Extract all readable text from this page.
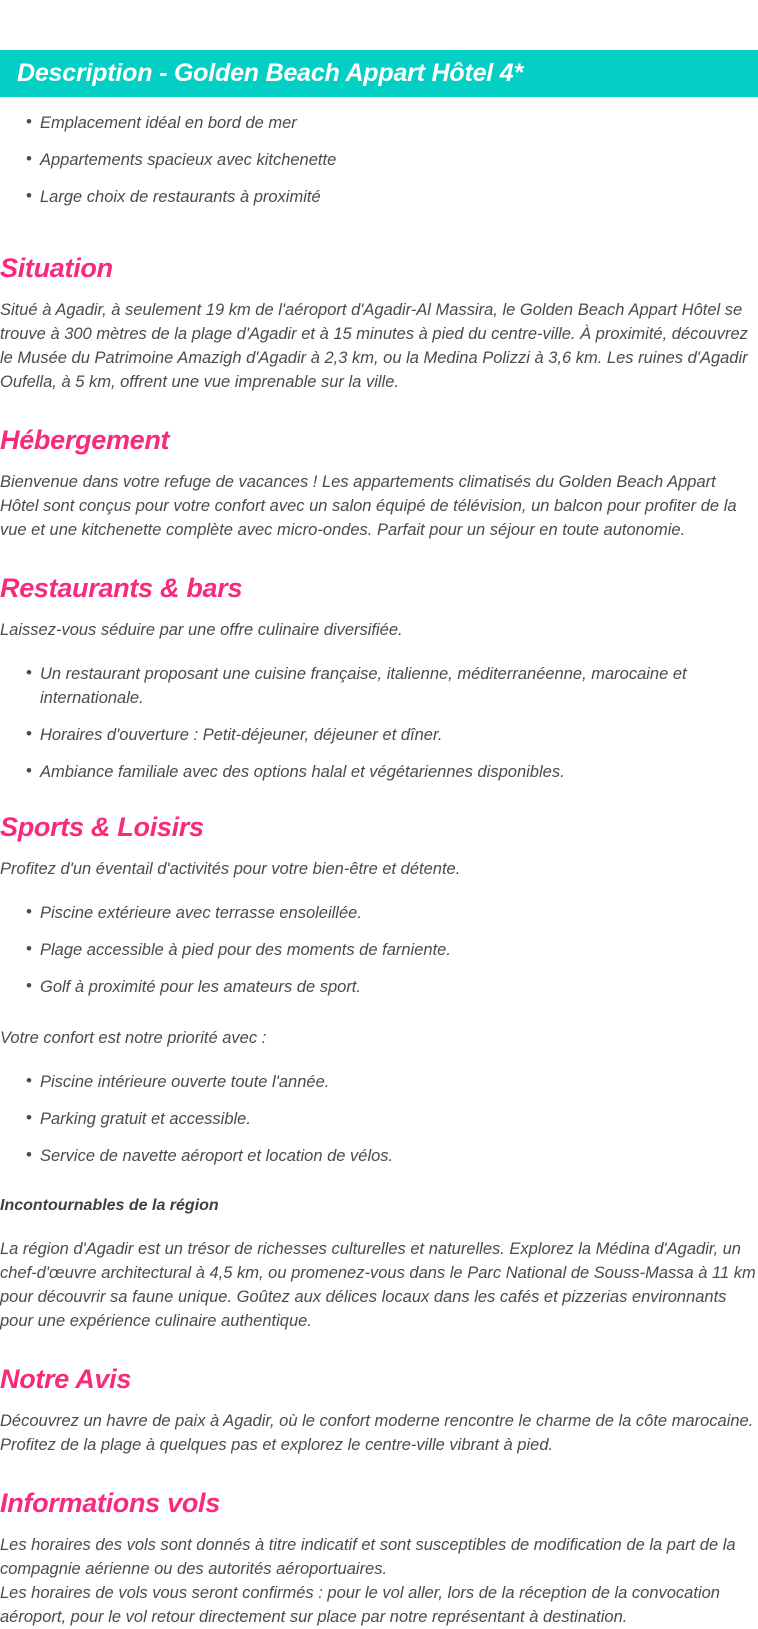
Description - Golden Beach Appart Hôtel 4*
• Emplacement idéal en bord de mer
• Appartements spacieux avec kitchenette
• Large choix de restaurants à proximité
Situation

Situé à Agadir, à seulement 19 km de l'aéroport d'Agadir-Al Massira, le Golden Beach Appart Hôtel se trouve à 300 mètres de la plage d'Agadir et à 15 minutes à pied du centre-ville. À proximité, découvrez le Musée du Patrimoine Amazigh d'Agadir à 2,3 km, ou la Medina Polizzi à 3,6 km. Les ruines d'Agadir Oufella, à 5 km, offrent une vue imprenable sur la ville.

Hébergement

Bienvenue dans votre refuge de vacances ! Les appartements climatisés du Golden Beach Appart Hôtel sont conçus pour votre confort avec un salon équipé de télévision, un balcon pour profiter de la vue et une kitchenette complète avec micro-ondes. Parfait pour un séjour en toute autonomie.

Restaurants & bars

Laissez-vous séduire par une offre culinaire diversifiée.

• Un restaurant proposant une cuisine française, italienne, méditerranéenne, marocaine et internationale.
• Horaires d'ouverture : Petit-déjeuner, déjeuner et dîner.
• Ambiance familiale avec des options halal et végétariennes disponibles.
Sports & Loisirs

Profitez d'un éventail d'activités pour votre bien-être et détente.

• Piscine extérieure avec terrasse ensoleillée.
• Plage accessible à pied pour des moments de farniente.
• Golf à proximité pour les amateurs de sport.

Votre confort est notre priorité avec :

• Piscine intérieure ouverte toute l'année.
• Parking gratuit et accessible.
• Service de navette aéroport et location de vélos.

Incontournables de la région

La région d'Agadir est un trésor de richesses culturelles et naturelles. Explorez la Médina d'Agadir, un chef-d'œuvre architectural à 4,5 km, ou promenez-vous dans le Parc National de Souss-Massa à 11 km pour découvrir sa faune unique. Goûtez aux délices locaux dans les cafés et pizzerias environnants pour une expérience culinaire authentique.

Notre Avis

Découvrez un havre de paix à Agadir, où le confort moderne rencontre le charme de la côte marocaine. Profitez de la plage à quelques pas et explorez le centre-ville vibrant à pied.

Informations vols

Les horaires des vols sont donnés à titre indicatif et sont susceptibles de modification de la part de la compagnie aérienne ou des autorités aéroportuaires.

Les horaires de vols vous seront confirmés : pour le vol aller, lors de la réception de la convocation aéroport, pour le vol retour directement sur place par notre représentant à destination.
